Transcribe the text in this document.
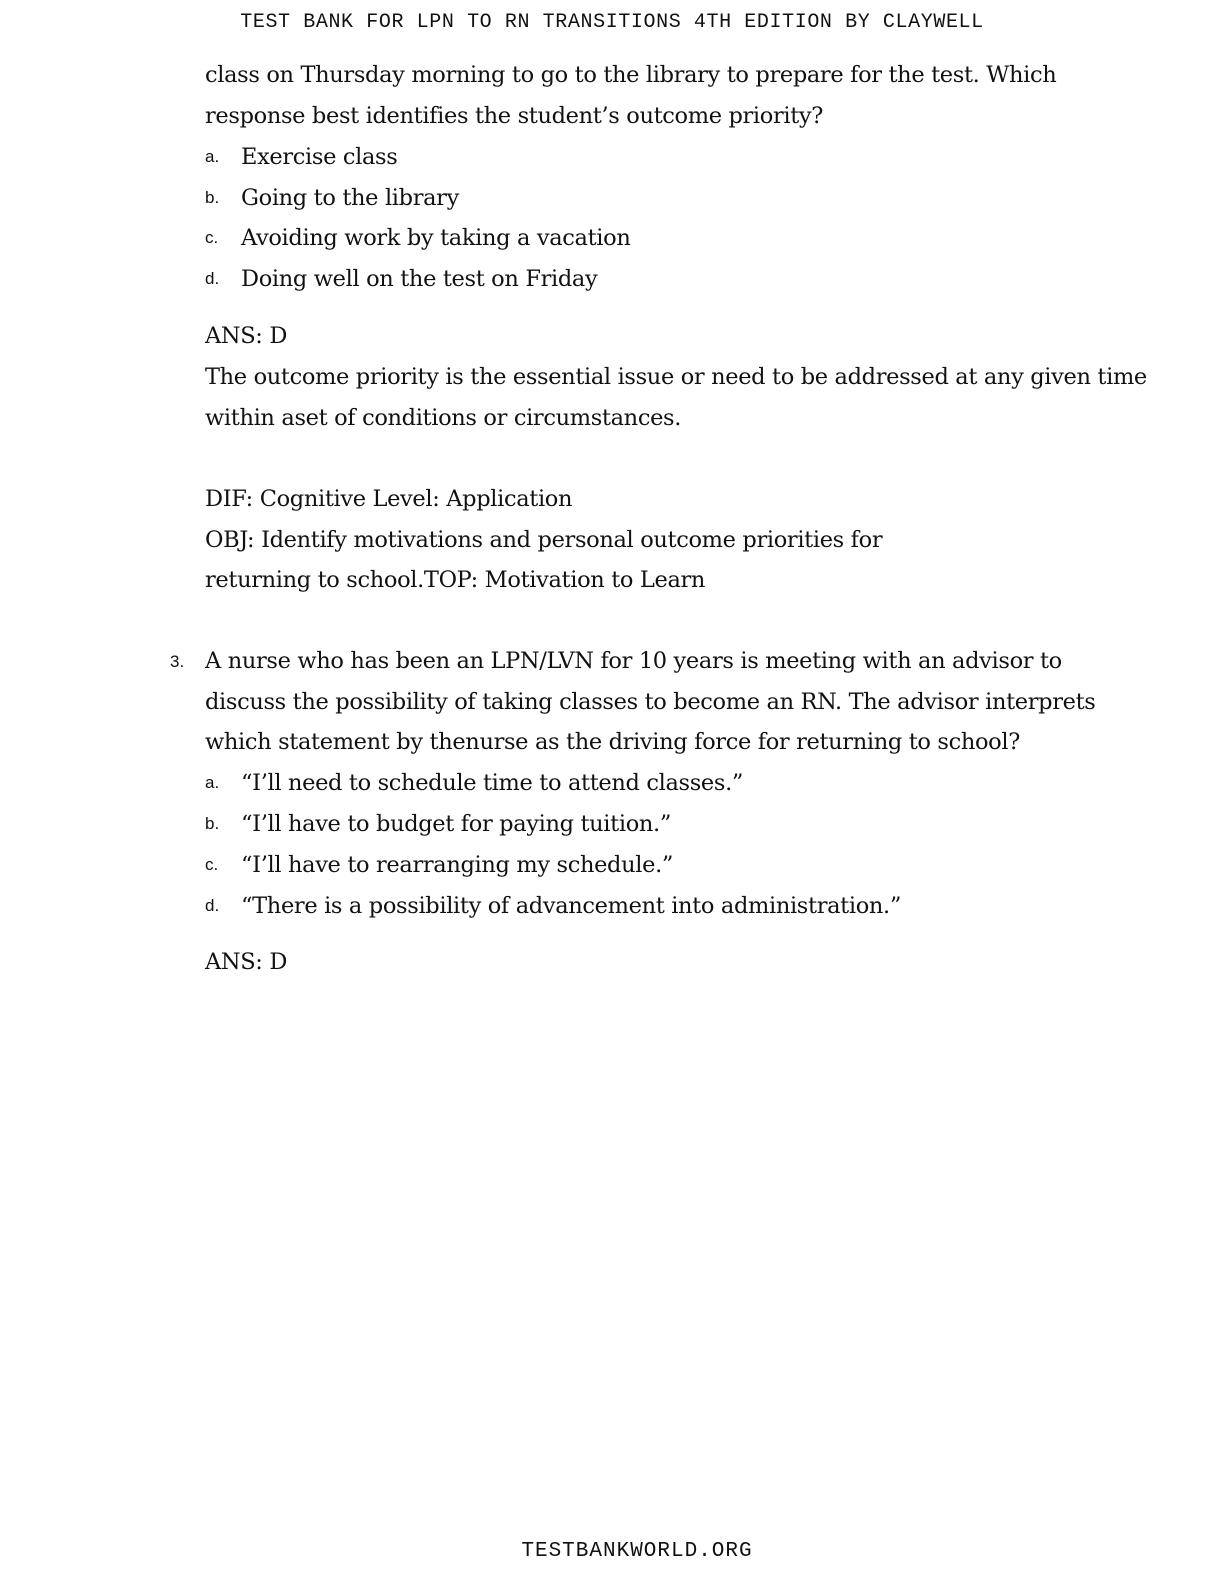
TEST BANK FOR LPN TO RN TRANSITIONS 4TH EDITION BY CLAYWELL
class on Thursday morning to go to the library to prepare for the test. Which
response best identifies the student’s outcome priority?
a. Exercise class
b. Going to the library
c. Avoiding work by taking a vacation
d. Doing well on the test on Friday
ANS: D
The outcome priority is the essential issue or need to be addressed at any given time
within aset of conditions or circumstances.
DIF: Cognitive Level: Application
OBJ: Identify motivations and personal outcome priorities for
returning to school.TOP: Motivation to Learn
3. A nurse who has been an LPN/LVN for 10 years is meeting with an advisor to
discuss the possibility of taking classes to become an RN. The advisor interprets
which statement by thenurse as the driving force for returning to school?
a. “I’ll need to schedule time to attend classes.”
b. “I’ll have to budget for paying tuition.”
c. “I’ll have to rearranging my schedule.”
d. “There is a possibility of advancement into administration.”
ANS: D
TESTBANKWORLD.ORG
